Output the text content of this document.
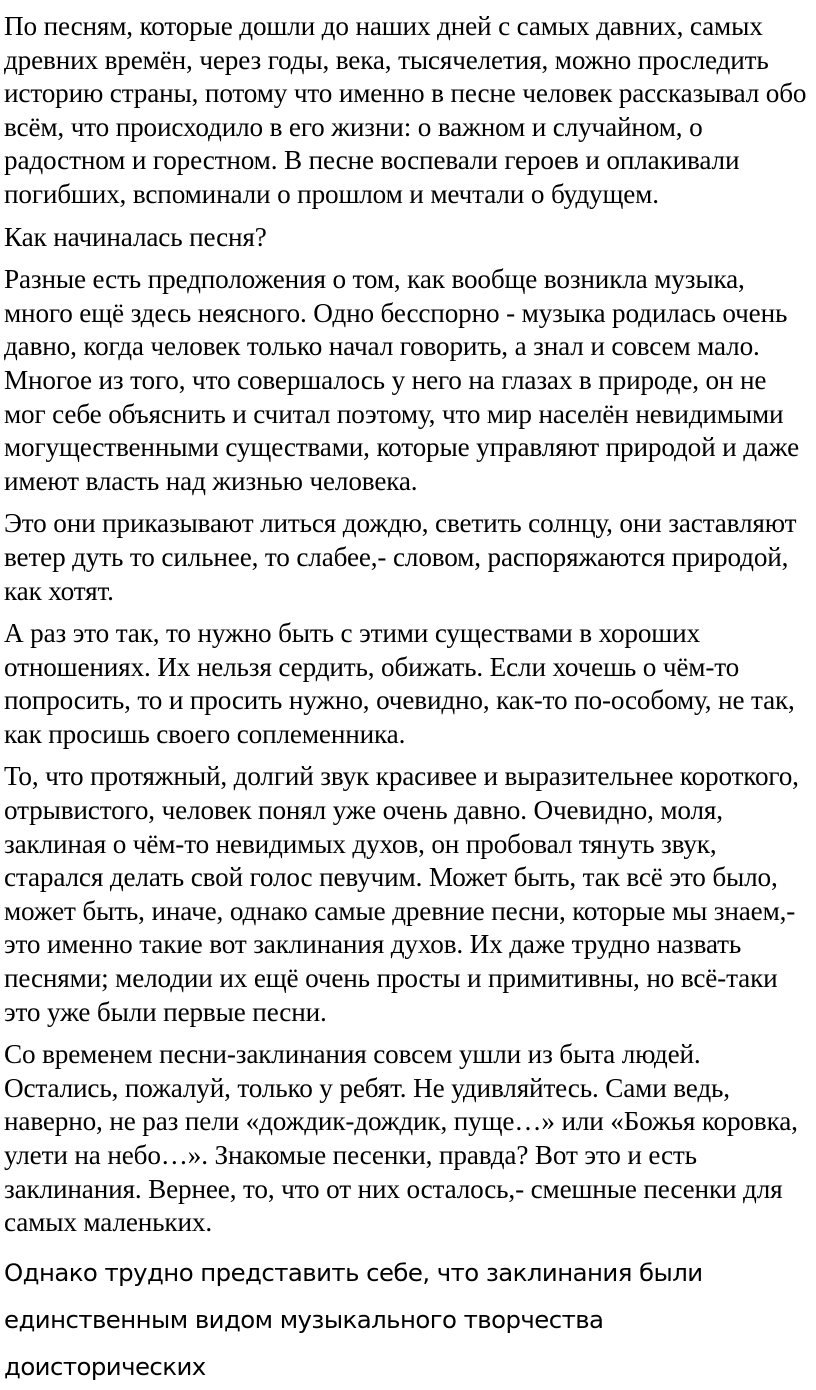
По песням, которые дошли до наших дней с самых давних, самых древних времён, через годы, века, тысячелетия, можно проследить историю страны, потому что именно в песне человек рассказывал обо всём, что происходило в его жизни: о важном и случайном, о радостном и горестном. В песне воспевали героев и оплакивали погибших, вспоминали о прошлом и мечтали о будущем.

Как начиналась песня?

Разные есть предположения о том, как вообще возникла музыка, много ещё здесь неясного. Одно бесспорно - музыка родилась очень давно, когда человек только начал говорить, а знал и совсем мало. Многое из того, что совершалось у него на глазах в природе, он не мог себе объяснить и считал поэтому, что мир населён невидимыми могущественными существами, которые управляют природой и даже имеют власть над жизнью человека.

Это они приказывают литься дождю, светить солнцу, они заставляют ветер дуть то сильнее, то слабее,- словом, распоряжаются природой, как хотят.

А раз это так, то нужно быть с этими существами в хороших отношениях. Их нельзя сердить, обижать. Если хочешь о чём-то попросить, то и просить нужно, очевидно, как-то по-особому, не так, как просишь своего соплеменника.

То, что протяжный, долгий звук красивее и выразительнее короткого, отрывистого, человек понял уже очень давно. Очевидно, моля, заклиная о чём-то невидимых духов, он пробовал тянуть звук, старался делать свой голос певучим. Может быть, так всё это было, может быть, иначе, однако самые древние песни, которые мы знаем,- это именно такие вот заклинания духов. Их даже трудно назвать песнями; мелодии их ещё очень просты и примитивны, но всё-таки это уже были первые песни.

Со временем песни-заклинания совсем ушли из быта людей. Остались, пожалуй, только у ребят. Не удивляйтесь. Сами ведь, наверно, не раз пели «дождик-дождик, пуще…» или «Божья коровка, улети на небо…». Знакомые песенки, правда? Вот это и есть заклинания. Вернее, то, что от них осталось,- смешные песенки для самых маленьких.

Однако трудно представить себе, что заклинания были единственным видом музыкального творчества доисторических
